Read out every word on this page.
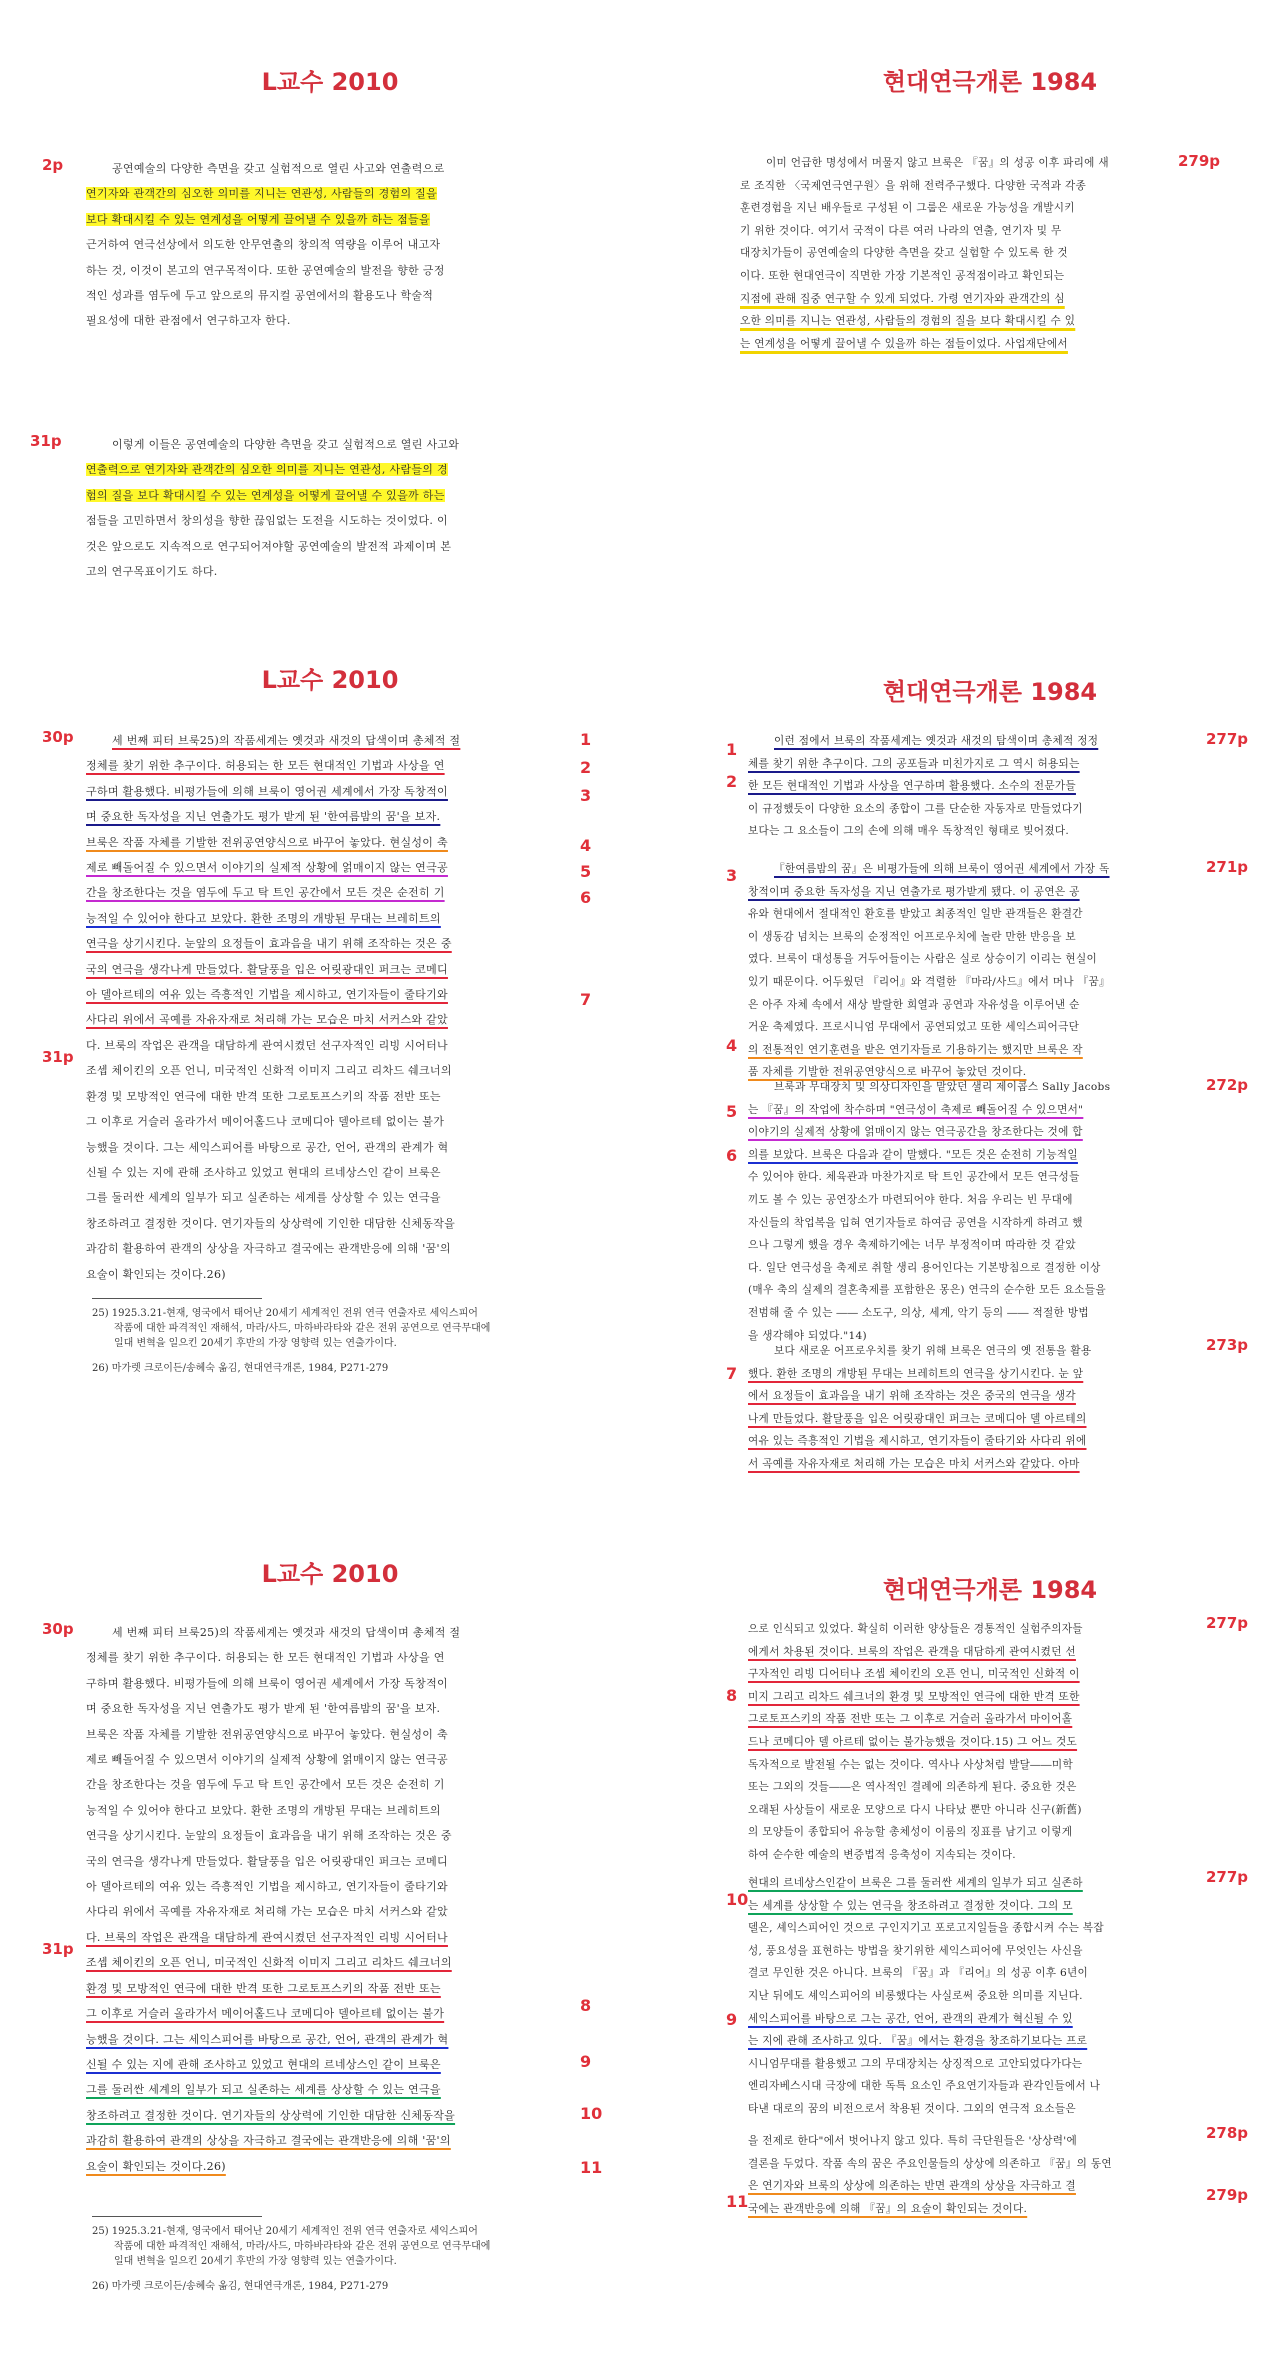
L교수 2010	현대연극개론 1984
2p	279p
31p
공연예술의 다양한 측면을 갖고 실험적으로 열린 사고와 연출력으로
연기자와 관객간의 심오한 의미를 지니는 연관성, 사람들의 경험의 질을
보다 확대시킬 수 있는 연계성을 어떻게 끌어낼 수 있을까 하는 점들을
근거하여 연극선상에서 의도한 안무연출의 창의적 역량을 이루어 내고자
하는 것, 이것이 본고의 연구목적이다. 또한 공연예술의 발전을 향한 긍정
적인 성과를 염두에 두고 앞으로의 뮤지컬 공연에서의 활용도나 학술적
필요성에 대한 관점에서 연구하고자 한다.
이미 언급한 명성에서 머물지 않고 브룩은 『꿈』의 성공 이후 파리에 새
로 조직한 〈국제연극연구원〉을 위해 전력주구했다. 다양한 국적과 각종
훈련경험을 지닌 배우들로 구성된 이 그룹은 새로운 가능성을 개발시키
기 위한 것이다. 여기서 국적이 다른 여러 나라의 연출, 연기자 및 무
대장치가들이 공연예술의 다양한 측면을 갖고 실험할 수 있도록 한 것
이다. 또한 현대연극이 직면한 가장 기본적인 공적점이라고 확인되는
지점에 관해 집중 연구할 수 있게 되었다. 가령 연기자와 관객간의 심
오한 의미를 지니는 연관성, 사람들의 경험의 질을 보다 확대시킬 수 있
는 연계성을 어떻게 끌어낼 수 있을까 하는 점들이었다. 사업재단에서
이렇게 이들은 공연예술의 다양한 측면을 갖고 실험적으로 열린 사고와
연출력으로 연기자와 관객간의 심오한 의미를 지니는 연관성, 사람들의 경
험의 질을 보다 확대시킬 수 있는 연계성을 어떻게 끌어낼 수 있을까 하는
점들을 고민하면서 창의성을 향한 끊임없는 도전을 시도하는 것이었다. 이
것은 앞으로도 지속적으로 연구되어져야할 공연예술의 발전적 과제이며 본
고의 연구목표이기도 하다.
L교수 2010	현대연극개론 1984
30p
31p
277p
271p
272p
273p
1
2
3
4
5
6
7
세 번째 피터 브룩25)의 작품세계는 옛것과 새것의 답색이며 총체적 절
정체를 찾기 위한 추구이다. 허용되는 한 모든 현대적인 기법과 사상을 연
구하며 활용했다. 비평가들에 의해 브룩이 영어권 세계에서 가장 독창적이
며 중요한 독자성을 지닌 연출가도 평가 받게 된 '한여름밤의 꿈'을 보자.
브룩은 작품 자체를 기발한 전위공연양식으로 바꾸어 놓았다. 현실성이 축
제로 빼돌어질 수 있으면서 이야기의 실제적 상황에 얽매이지 않는 연극공
간을 창조한다는 것을 염두에 두고 탁 트인 공간에서 모든 것은 순전히 기
능적일 수 있어야 한다고 보았다. 환한 조명의 개방된 무대는 브레히트의
연극을 상기시킨다. 눈앞의 요정들이 효과음을 내기 위해 조작하는 것은 중
국의 연극을 생각나게 만들었다. 활달풍을 입은 어릿광대인 퍼크는 코메디
아 델아르테의 여유 있는 즉흥적인 기법을 제시하고, 연기자들이 줄타기와
사다리 위에서 곡예를 자유자재로 처리해 가는 모습은 마치 서커스와 같았
다. 브룩의 작업은 관객을 대담하게 관여시켰던 선구자적인 리빙 시어터나
조셉 체이킨의 오픈 언니, 미국적인 신화적 이미지 그리고 리차드 쉐크너의
환경 및 모방적인 연극에 대한 반격 또한 그로토프스키의 작품 전반 또는
그 이후로 거슬러 올라가서 메이어홀드나 코메디아 델아르테 없이는 불가
능했을 것이다. 그는 세익스피어를 바탕으로 공간, 언어, 관객의 관계가 혁
신될 수 있는 지에 관해 조사하고 있었고 현대의 르네상스인 같이 브룩은
그를 둘러싼 세계의 일부가 되고 실존하는 세계를 상상할 수 있는 연극을
창조하려고 결정한 것이다. 연기자들의 상상력에 기인한 대담한 신체동작을
과감히 활용하여 관객의 상상을 자극하고 결국에는 관객반응에 의해 '꿈'의
요술이 확인되는 것이다.26)
25) 1925.3.21-현재, 영국에서 태어난 20세기 세계적인 전위 연극 연출자로 세익스피어
작품에 대한 파격적인 재해석, 마라/사드, 마하바라타와 같은 전위 공연으로 연극무대에
일대 변혁을 일으킨 20세기 후반의 가장 영향력 있는 연출가이다.
26) 마가렛 크로이든/송혜숙 옮김, 현대연극개론, 1984, P271-279
1
2
3
4
5
6
7
이런 점에서 브룩의 작품세계는 옛것과 새것의 탐색이며 총체적 정정
체를 찾기 위한 추구이다. 그의 공포들과 미친가지로 그 역시 허용되는
한 모든 현대적인 기법과 사상을 연구하며 활용했다. 소수의 전문가들
이 규정했듯이 다양한 요소의 종합이 그를 단순한 자동자로 만들었다기
보다는 그 요소들이 그의 손에 의해 매우 독창적인 형태로 빚어졌다.
『한여름밤의 꿈』은 비평가들에 의해 브룩이 영어권 세계에서 가장 독
창적이며 중요한 독자성을 지닌 연출가로 평가받게 됐다. 이 공연은 공
유와 현대에서 절대적인 환호를 받았고 최종적인 일반 관객들은 환결간
이 생동감 넘치는 브룩의 순정적인 어프로우치에 놀란 만한 반응을 보
였다. 브룩이 대성통을 거두어들이는 사람은 실로 상승이기 이리는 현실이
있기 때문이다. 어두웠던 『리어』와 격렬한 『마라/사드』에서 머나 『꿈』
은 아주 자체 속에서 새상 발랄한 희열과 공연과 자유성을 이루어낸 순
거운 축제였다. 프로시니엄 무대에서 공연되었고 또한 세익스피어극단
의 전통적인 연기훈련을 받은 연기자들로 기용하기는 했지만 브룩은 작
품 자체를 기발한 전위공연양식으로 바꾸어 놓았던 것이다.
브룩과 무대장치 및 의상디자인을 맡았던 샐리 제이콥스 Sally Jacobs
는 『꿈』의 작업에 착수하며 "연극성이 축제로 빼돌어질 수 있으면서"
이야기의 실제적 상황에 얽매이지 않는 연극공간을 창조한다는 것에 합
의를 보았다. 브룩은 다음과 같이 말했다. "모든 것은 순전히 기능적일
수 있어야 한다. 체육관과 마찬가지로 탁 트인 공간에서 모든 연극성들
끼도 볼 수 있는 공연장소가 마련되어야 한다. 처음 우리는 빈 무대에
자신들의 착업복을 입혀 연기자들로 하여금 공연을 시작하게 하려고 했
으나 그렇게 했을 경우 축제하기에는 너무 부정적이며 따라한 것 같았
다. 일단 연극성을 축제로 취할 생리 용어인다는 기본방침으로 결정한 이상
(매우 축의 실제의 결혼축제를 포함한은 몽은) 연극의 순수한 모든 요소들을
전범해 줄 수 있는 ―― 소도구, 의상, 세계, 악기 등의 ―― 적절한 방법
을 생각해야 되었다."14)
보다 새로운 어프로우치를 찾기 위해 브룩은 연극의 옛 전통을 활용
했다. 환한 조명의 개방된 무대는 브레히트의 연극을 상기시킨다. 눈 앞
에서 요정들이 효과음을 내기 위해 조작하는 것은 중국의 연극을 생각
나게 만들었다. 활달풍을 입은 어릿광대인 퍼크는 코메디아 델 아르테의
여유 있는 즉흥적인 기법을 제시하고, 연기자들이 줄타기와 사다리 위에
서 곡예를 자유자재로 처리해 가는 모습은 마치 서커스와 같았다. 아마
L교수 2010
현대연극개론 1984
30p
31p
277p
277p
278p
279p
8
9
10
11
세 번째 피터 브룩25)의 작품세계는 옛것과 새것의 답색이며 총체적 절
정체를 찾기 위한 추구이다. 허용되는 한 모든 현대적인 기법과 사상을 연
구하며 활용했다. 비평가들에 의해 브룩이 영어권 세계에서 가장 독창적이
며 중요한 독자성을 지닌 연출가도 평가 받게 된 '한여름밤의 꿈'을 보자.
브룩은 작품 자체를 기발한 전위공연양식으로 바꾸어 놓았다. 현실성이 축
제로 빼돌어질 수 있으면서 이야기의 실제적 상황에 얽매이지 않는 연극공
간을 창조한다는 것을 염두에 두고 탁 트인 공간에서 모든 것은 순전히 기
능적일 수 있어야 한다고 보았다. 환한 조명의 개방된 무대는 브레히트의
연극을 상기시킨다. 눈앞의 요정들이 효과음을 내기 위해 조작하는 것은 중
국의 연극을 생각나게 만들었다. 활달풍을 입은 어릿광대인 퍼크는 코메디
아 델아르테의 여유 있는 즉흥적인 기법을 제시하고, 연기자들이 줄타기와
사다리 위에서 곡예를 자유자재로 처리해 가는 모습은 마치 서커스와 같았
다. 브룩의 작업은 관객을 대담하게 관여시켰던 선구자적인 리빙 시어터나
조셉 체이킨의 오픈 언니, 미국적인 신화적 이미지 그리고 리차드 쉐크너의
환경 및 모방적인 연극에 대한 반격 또한 그로토프스키의 작품 전반 또는
그 이후로 거슬러 올라가서 메이어홀드나 코메디아 델아르테 없이는 불가
능했을 것이다. 그는 세익스피어를 바탕으로 공간, 언어, 관객의 관계가 혁
신될 수 있는 지에 관해 조사하고 있었고 현대의 르네상스인 같이 브룩은
그를 둘러싼 세계의 일부가 되고 실존하는 세계를 상상할 수 있는 연극을
창조하려고 결정한 것이다. 연기자들의 상상력에 기인한 대담한 신체동작을
과감히 활용하여 관객의 상상을 자극하고 결국에는 관객반응에 의해 '꿈'의
요술이 확인되는 것이다.26)
25) 1925.3.21-현재, 영국에서 태어난 20세기 세계적인 전위 연극 연출자로 세익스피어
작품에 대한 파격적인 재해석, 마라/사드, 마하바라타와 같은 전위 공연으로 연극무대에
일대 변혁을 일으킨 20세기 후반의 가장 영향력 있는 연출가이다.
26) 마가렛 크로이든/송혜숙 옮김, 현대연극개론, 1984, P271-279
8
10
9
11
으로 인식되고 있었다. 확실히 이러한 양상들은 경통적인 실험주의자들
에게서 차용된 것이다. 브룩의 작업은 관객을 대담하게 관여시켰던 선
구자적인 리빙 디어터나 조셉 체이킨의 오픈 언니, 미국적인 신화적 이
미지 그리고 리차드 쉐크너의 환경 및 모방적인 연극에 대한 반격 또한
그로토프스키의 작품 전반 또는 그 이후로 거슬러 올라가서 마이어홀
드나 코메디아 델 아르테 없이는 불가능했을 것이다.15) 그 어느 것도
독자적으로 발전될 수는 없는 것이다. 역사나 사상처럼 발달――미학
또는 그외의 것들――은 역사적인 결례에 의존하게 된다. 중요한 것은
오래된 사상들이 새로운 모양으로 다시 나타났 뿐만 아니라 신구(新舊)
의 모양들이 종합되어 유능할 총체성이 이룸의 징표를 남기고 이렇게
하여 순수한 예술의 변증법적 응축성이 지속되는 것이다.
현대의 르네상스인같이 브룩은 그를 둘러싼 세계의 일부가 되고 실존하
는 세계를 상상할 수 있는 연극을 창조하려고 결정한 것이다. 그의 모
델은, 셰익스피어인 것으로 구인지기고 포로고지일들을 종합시켜 수는 복잡
성, 풍요성을 표현하는 방법을 찾기위한 세익스피어에 무엇인는 사신을
결코 무인한 것은 아니다. 브룩의 『꿈』과 『리어』의 성공 이후 6년이
지난 뒤에도 셰익스피어의 비롱했다는 사실로써 중요한 의미를 지닌다.
세익스피어를 바탕으로 그는 공간, 언어, 관객의 관계가 혁신될 수 있
는 지에 관해 조사하고 있다. 『꿈』에서는 환경을 창조하기보다는 프로
시니엄무대를 활용했고 그의 무대장치는 상징적으로 고안되었다가다는
엔리자베스시대 극장에 대한 독특 요소인 주요연기자들과 관각인들에서 나
타낸 대로의 꿈의 비전으로서 착용된 것이다. 그외의 연극적 요소들은
을 전제로 한다"에서 벗어나지 않고 있다. 특히 극단원들은 '상상력'에
결론을 두었다. 작품 속의 꿈은 주요인물들의 상상에 의존하고 『꿈』의 동연
은 연기자와 브룩의 상상에 의존하는 반면 관객의 상상을 자극하고 결
국에는 관객반응에 의해 『꿈』의 요술이 확인되는 것이다.
